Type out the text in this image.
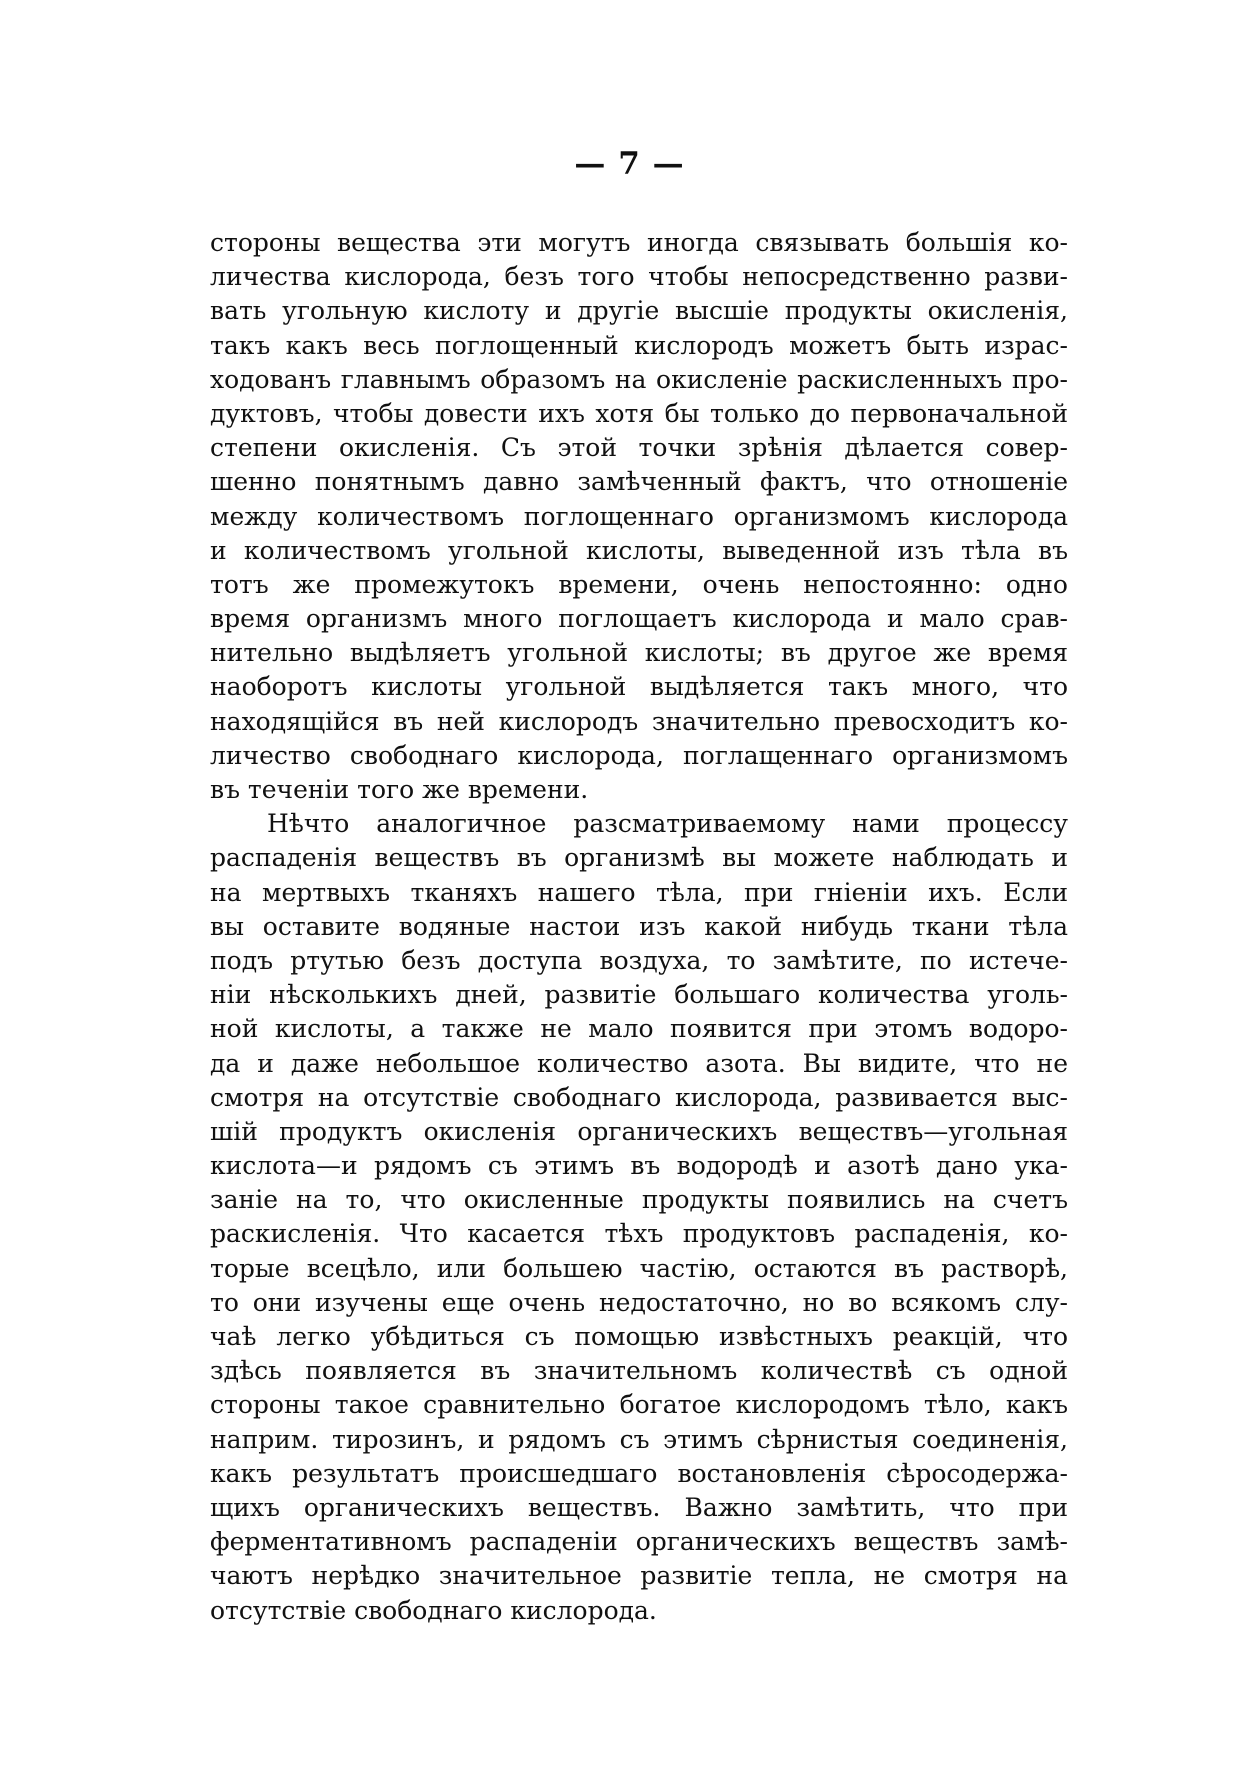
— 7 —
стороны вещества эти могутъ иногда связывать большія ко-
личества кислорода, безъ того чтобы непосредственно разви-
вать угольную кислоту и другіе высшіе продукты окисленія,
такъ какъ весь поглощенный кислородъ можетъ быть израс-
ходованъ главнымъ образомъ на окисленіе раскисленныхъ про-
дуктовъ, чтобы довести ихъ хотя бы только до первоначальной
степени окисленія. Съ этой точки зрѣнія дѣлается совер-
шенно понятнымъ давно замѣченный фактъ, что отношеніе
между количествомъ поглощеннаго организмомъ кислорода
и количествомъ угольной кислоты, выведенной изъ тѣла въ
тотъ же промежутокъ времени, очень непостоянно: одно
время организмъ много поглощаетъ кислорода и мало срав-
нительно выдѣляетъ угольной кислоты; въ другое же время
наоборотъ кислоты угольной выдѣляется такъ много, что
находящійся въ ней кислородъ значительно превосходитъ ко-
личество свободнаго кислорода, поглащеннаго организмомъ
въ теченіи того же времени.
Нѣчто аналогичное разсматриваемому нами процессу
распаденія веществъ въ организмѣ вы можете наблюдать и
на мертвыхъ тканяхъ нашего тѣла, при гніеніи ихъ. Если
вы оставите водяные настои изъ какой нибудь ткани тѣла
подъ ртутью безъ доступа воздуха, то замѣтите, по истече-
ніи нѣсколькихъ дней, развитіе большаго количества уголь-
ной кислоты, а также не мало появится при этомъ водоро-
да и даже небольшое количество азота. Вы видите, что не
смотря на отсутствіе свободнаго кислорода, развивается выс-
шій продуктъ окисленія органическихъ веществъ—угольная
кислота—и рядомъ съ этимъ въ водородѣ и азотѣ дано ука-
заніе на то, что окисленные продукты появились на счетъ
раскисленія. Что касается тѣхъ продуктовъ распаденія, ко-
торые всецѣло, или большею частію, остаются въ растворѣ,
то они изучены еще очень недостаточно, но во всякомъ слу-
чаѣ легко убѣдиться съ помощью извѣстныхъ реакцій, что
здѣсь появляется въ значительномъ количествѣ съ одной
стороны такое сравнительно богатое кислородомъ тѣло, какъ
наприм. тирозинъ, и рядомъ съ этимъ сѣрнистыя соединенія,
какъ результатъ происшедшаго востановленія сѣросодержа-
щихъ органическихъ веществъ. Важно замѣтить, что при
ферментативномъ распаденіи органическихъ веществъ замѣ-
чаютъ нерѣдко значительное развитіе тепла, не смотря на
отсутствіе свободнаго кислорода.
